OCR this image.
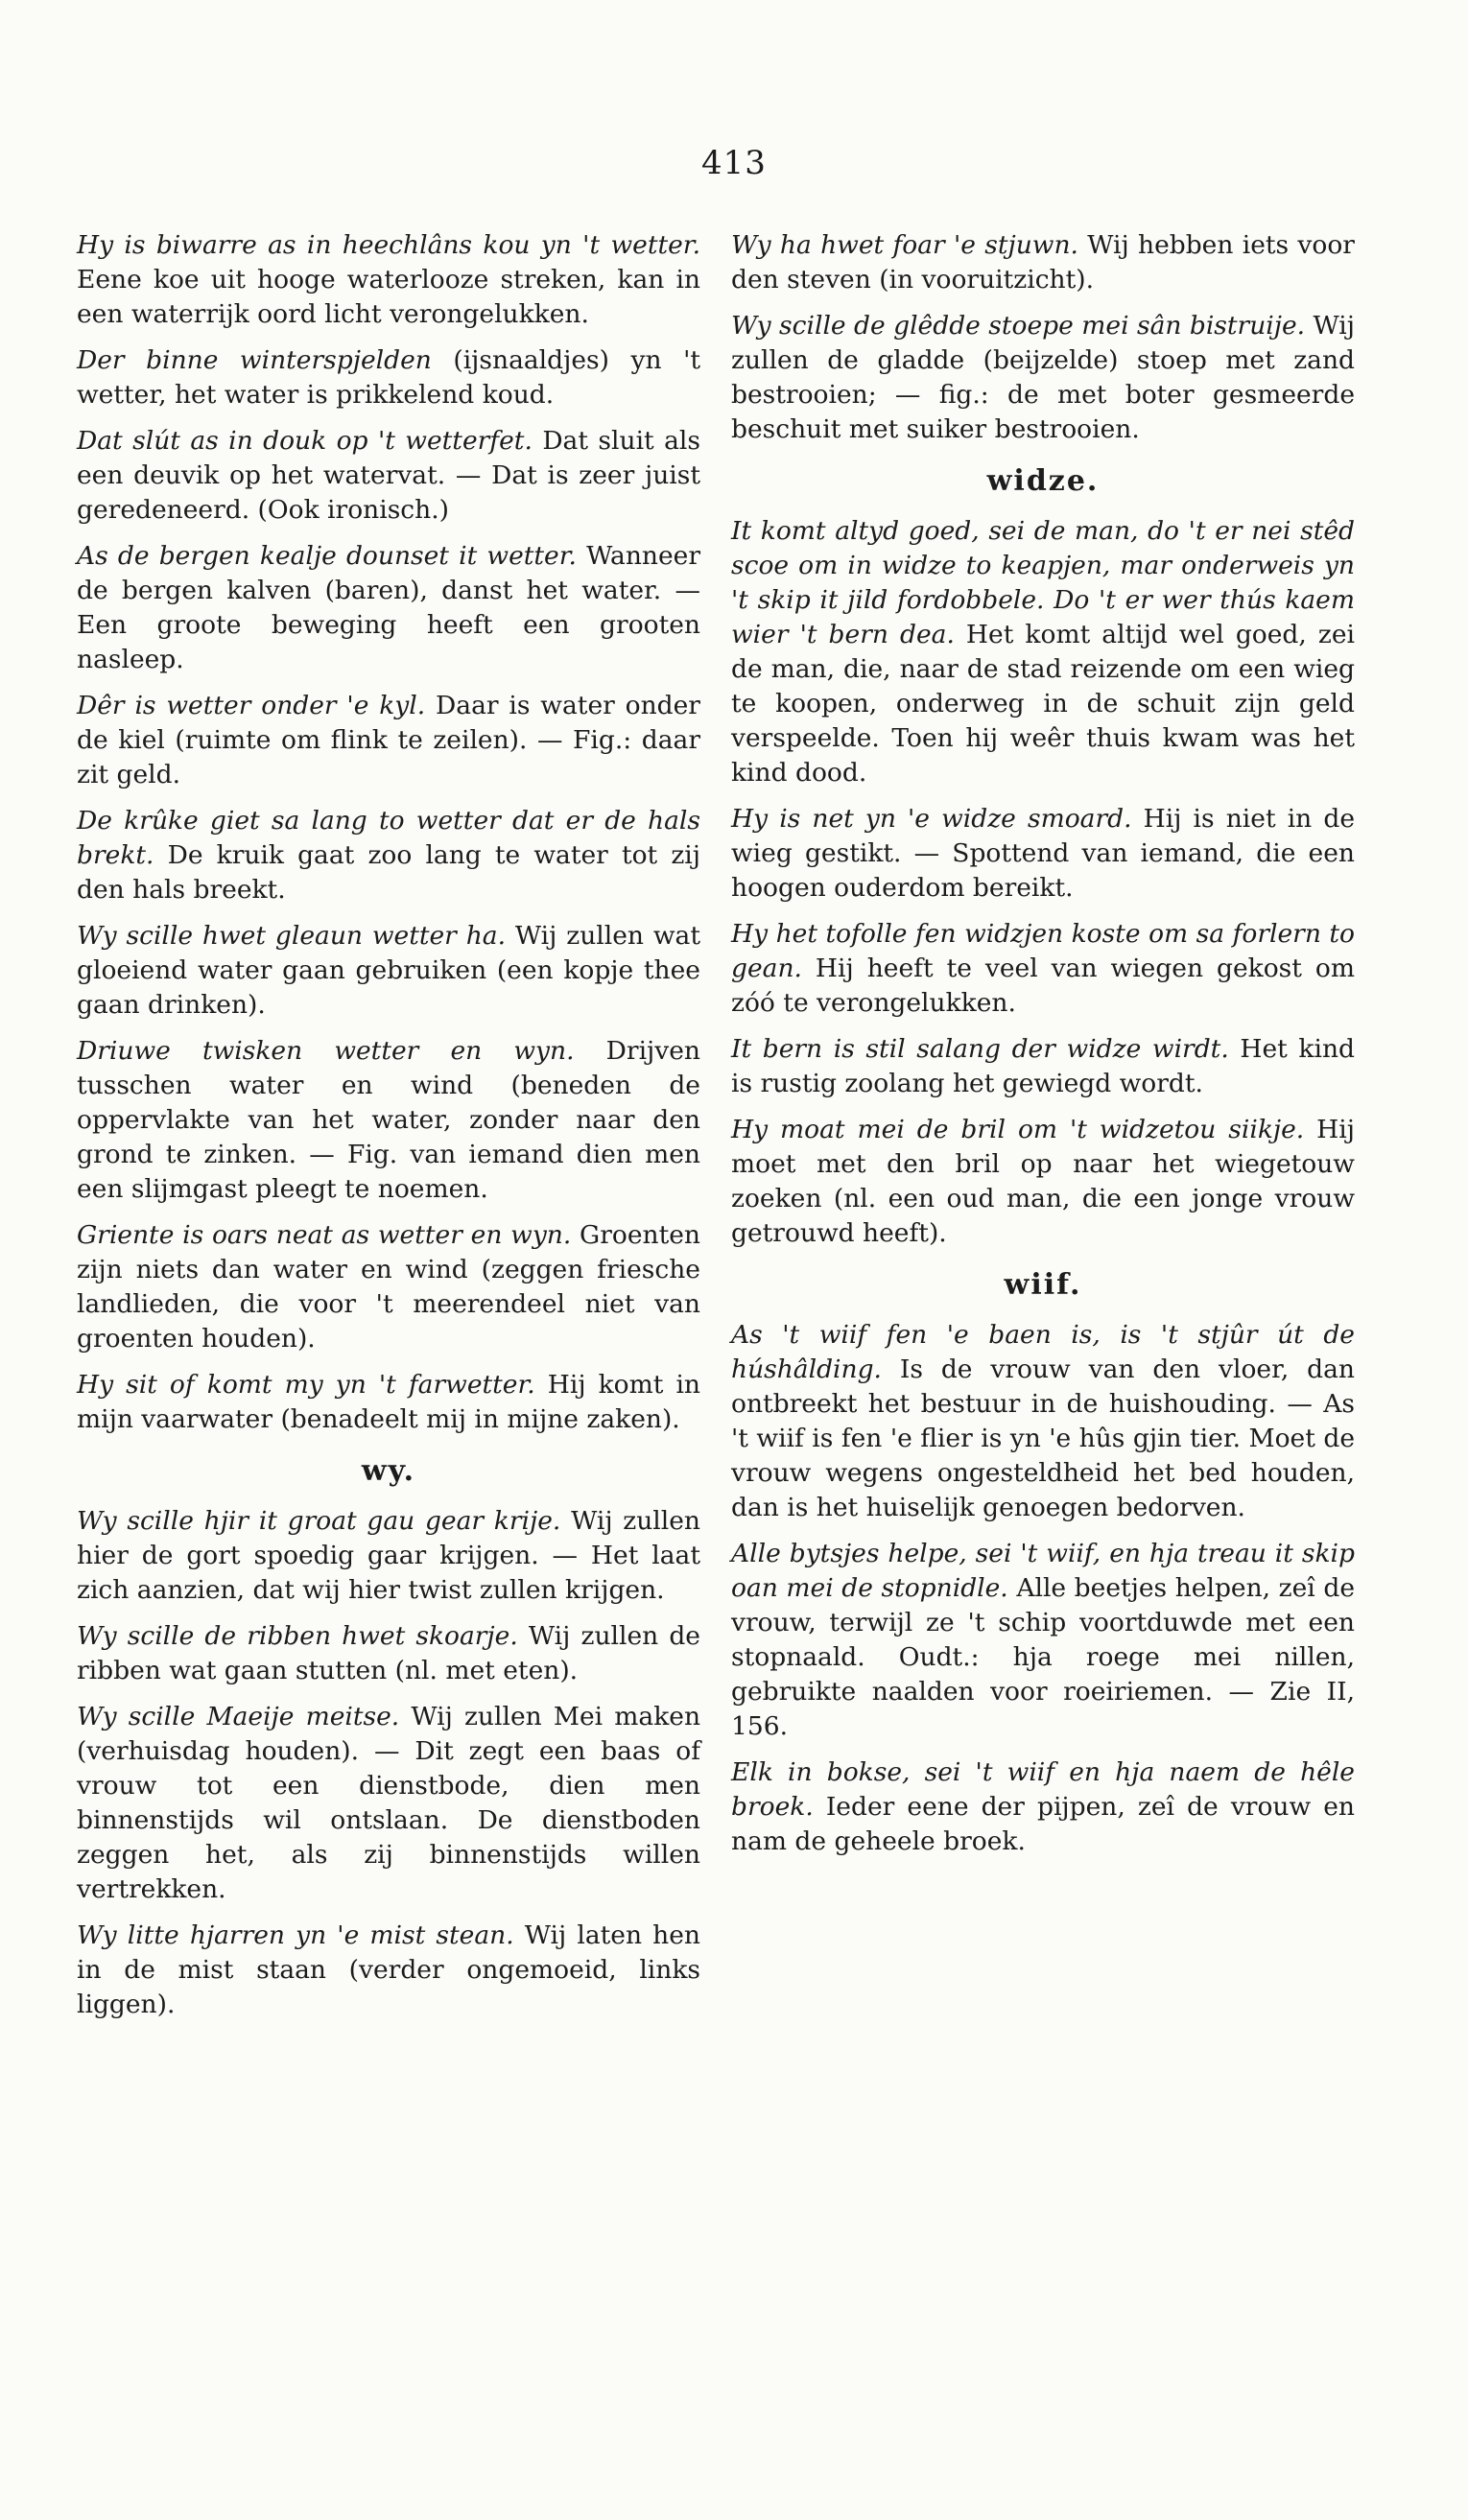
413

Hy is biwarre as in heechlâns kou yn 't wetter. Eene koe uit hooge waterlooze streken, kan in een waterrijk oord licht verongelukken.

Der binne winterspjelden (ijsnaaldjes) yn 't wetter, het water is prikkelend koud.

Dat slút as in douk op 't wetterfet. Dat sluit als een deuvik op het watervat. — Dat is zeer juist geredeneerd. (Ook ironisch.)

As de bergen kealje dounset it wetter. Wanneer de bergen kalven (baren), danst het water. — Een groote beweging heeft een grooten nasleep.

Dêr is wetter onder 'e kyl. Daar is water onder de kiel (ruimte om flink te zeilen). — Fig.: daar zit geld.

De krûke giet sa lang to wetter dat er de hals brekt. De kruik gaat zoo lang te water tot zij den hals breekt.

Wy scille hwet gleaun wetter ha. Wij zullen wat gloeiend water gaan gebruiken (een kopje thee gaan drinken).

Driuwe twisken wetter en wyn. Drijven tusschen water en wind (beneden de oppervlakte van het water, zonder naar den grond te zinken. — Fig. van iemand dien men een slijmgast pleegt te noemen.

Griente is oars neat as wetter en wyn. Groenten zijn niets dan water en wind (zeggen friesche landlieden, die voor 't meerendeel niet van groenten houden).

Hy sit of komt my yn 't farwetter. Hij komt in mijn vaarwater (benadeelt mij in mijne zaken).

wy.

Wy scille hjir it groat gau gear krije. Wij zullen hier de gort spoedig gaar krijgen. — Het laat zich aanzien, dat wij hier twist zullen krijgen.

Wy scille de ribben hwet skoarje. Wij zullen de ribben wat gaan stutten (nl. met eten).

Wy scille Maeije meitse. Wij zullen Mei maken (verhuisdag houden). — Dit zegt een baas of vrouw tot een dienstbode, dien men binnenstijds wil ontslaan. De dienstboden zeggen het, als zij binnenstijds willen vertrekken.

Wy litte hjarren yn 'e mist stean. Wij laten hen in de mist staan (verder ongemoeid, links liggen).

Wy ha hwet foar 'e stjuwn. Wij hebben iets voor den steven (in vooruitzicht).

Wy scille de glêdde stoepe mei sân bistruije. Wij zullen de gladde (beijzelde) stoep met zand bestrooien; — fig.: de met boter gesmeerde beschuit met suiker bestrooien.

widze.

It komt altyd goed, sei de man, do 't er nei stêd scoe om in widze to keapjen, mar onderweis yn 't skip it jild fordobbele. Do 't er wer thús kaem wier 't bern dea. Het komt altijd wel goed, zei de man, die, naar de stad reizende om een wieg te koopen, onderweg in de schuit zijn geld verspeelde. Toen hij weêr thuis kwam was het kind dood.

Hy is net yn 'e widze smoard. Hij is niet in de wieg gestikt. — Spottend van iemand, die een hoogen ouderdom bereikt.

Hy het tofolle fen widzjen koste om sa forlern to gean. Hij heeft te veel van wiegen gekost om zóó te verongelukken.

It bern is stil salang der widze wirdt. Het kind is rustig zoolang het gewiegd wordt.

Hy moat mei de bril om 't widzetou siikje. Hij moet met den bril op naar het wiegetouw zoeken (nl. een oud man, die een jonge vrouw getrouwd heeft).

wiif.

As 't wiif fen 'e baen is, is 't stjûr út de húshâlding. Is de vrouw van den vloer, dan ontbreekt het bestuur in de huishouding. — As 't wiif is fen 'e flier is yn 'e hûs gjin tier. Moet de vrouw wegens ongesteldheid het bed houden, dan is het huiselijk genoegen bedorven.

Alle bytsjes helpe, sei 't wiif, en hja treau it skip oan mei de stopnidle. Alle beetjes helpen, zeî de vrouw, terwijl ze 't schip voortduwde met een stopnaald. Oudt.: hja roege mei nillen, gebruikte naalden voor roeiriemen. — Zie II, 156.

Elk in bokse, sei 't wiif en hja naem de hêle broek. Ieder eene der pijpen, zeî de vrouw en nam de geheele broek.
